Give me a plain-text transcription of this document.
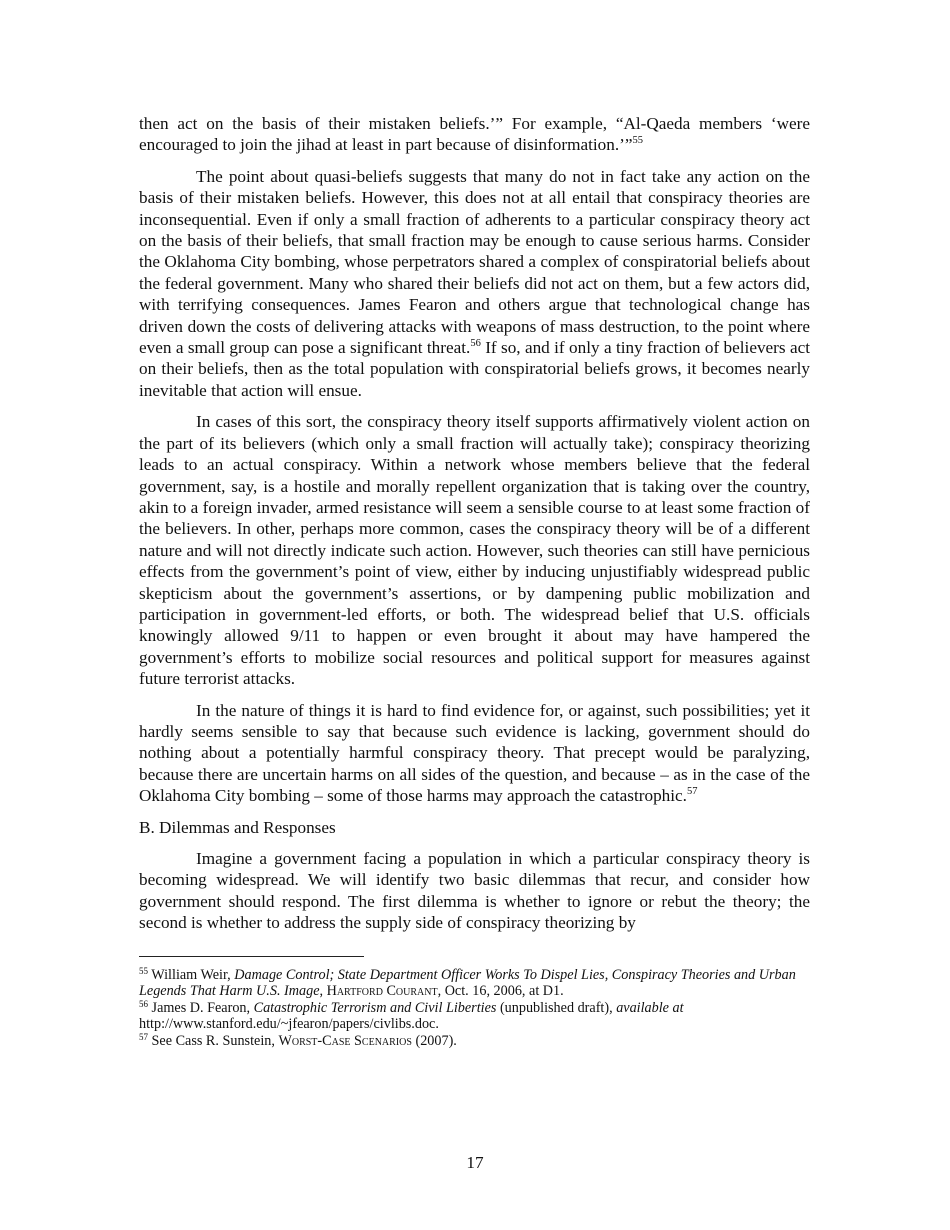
then act on the basis of their mistaken beliefs.’” For example, “Al-Qaeda members ‘were encouraged to join the jihad at least in part because of disinformation.’”$^{55}$

The point about quasi-beliefs suggests that many do not in fact take any action on the basis of their mistaken beliefs. However, this does not at all entail that conspiracy theories are inconsequential. Even if only a small fraction of adherents to a particular conspiracy theory act on the basis of their beliefs, that small fraction may be enough to cause serious harms. Consider the Oklahoma City bombing, whose perpetrators shared a complex of conspiratorial beliefs about the federal government. Many who shared their beliefs did not act on them, but a few actors did, with terrifying consequences. James Fearon and others argue that technological change has driven down the costs of delivering attacks with weapons of mass destruction, to the point where even a small group can pose a significant threat.$^{56}$ If so, and if only a tiny fraction of believers act on their beliefs, then as the total population with conspiratorial beliefs grows, it becomes nearly inevitable that action will ensue.

In cases of this sort, the conspiracy theory itself supports affirmatively violent action on the part of its believers (which only a small fraction will actually take); conspiracy theorizing leads to an actual conspiracy. Within a network whose members believe that the federal government, say, is a hostile and morally repellent organization that is taking over the country, akin to a foreign invader, armed resistance will seem a sensible course to at least some fraction of the believers. In other, perhaps more common, cases the conspiracy theory will be of a different nature and will not directly indicate such action. However, such theories can still have pernicious effects from the government’s point of view, either by inducing unjustifiably widespread public skepticism about the government’s assertions, or by dampening public mobilization and participation in government-led efforts, or both. The widespread belief that U.S. officials knowingly allowed 9/11 to happen or even brought it about may have hampered the government’s efforts to mobilize social resources and political support for measures against future terrorist attacks.

In the nature of things it is hard to find evidence for, or against, such possibilities; yet it hardly seems sensible to say that because such evidence is lacking, government should do nothing about a potentially harmful conspiracy theory. That precept would be paralyzing, because there are uncertain harms on all sides of the question, and because – as in the case of the Oklahoma City bombing – some of those harms may approach the catastrophic.$^{57}$

B. Dilemmas and Responses

Imagine a government facing a population in which a particular conspiracy theory is becoming widespread. We will identify two basic dilemmas that recur, and consider how government should respond. The first dilemma is whether to ignore or rebut the theory; the second is whether to address the supply side of conspiracy theorizing by

$^{55}$ William Weir, Damage Control; State Department Officer Works To Dispel Lies, Conspiracy Theories and Urban Legends That Harm U.S. Image, Hartford Courant, Oct. 16, 2006, at D1.

$^{56}$ James D. Fearon, Catastrophic Terrorism and Civil Liberties (unpublished draft), available at http://www.stanford.edu/~jfearon/papers/civlibs.doc.

$^{57}$ See Cass R. Sunstein, Worst-Case Scenarios (2007).

17
